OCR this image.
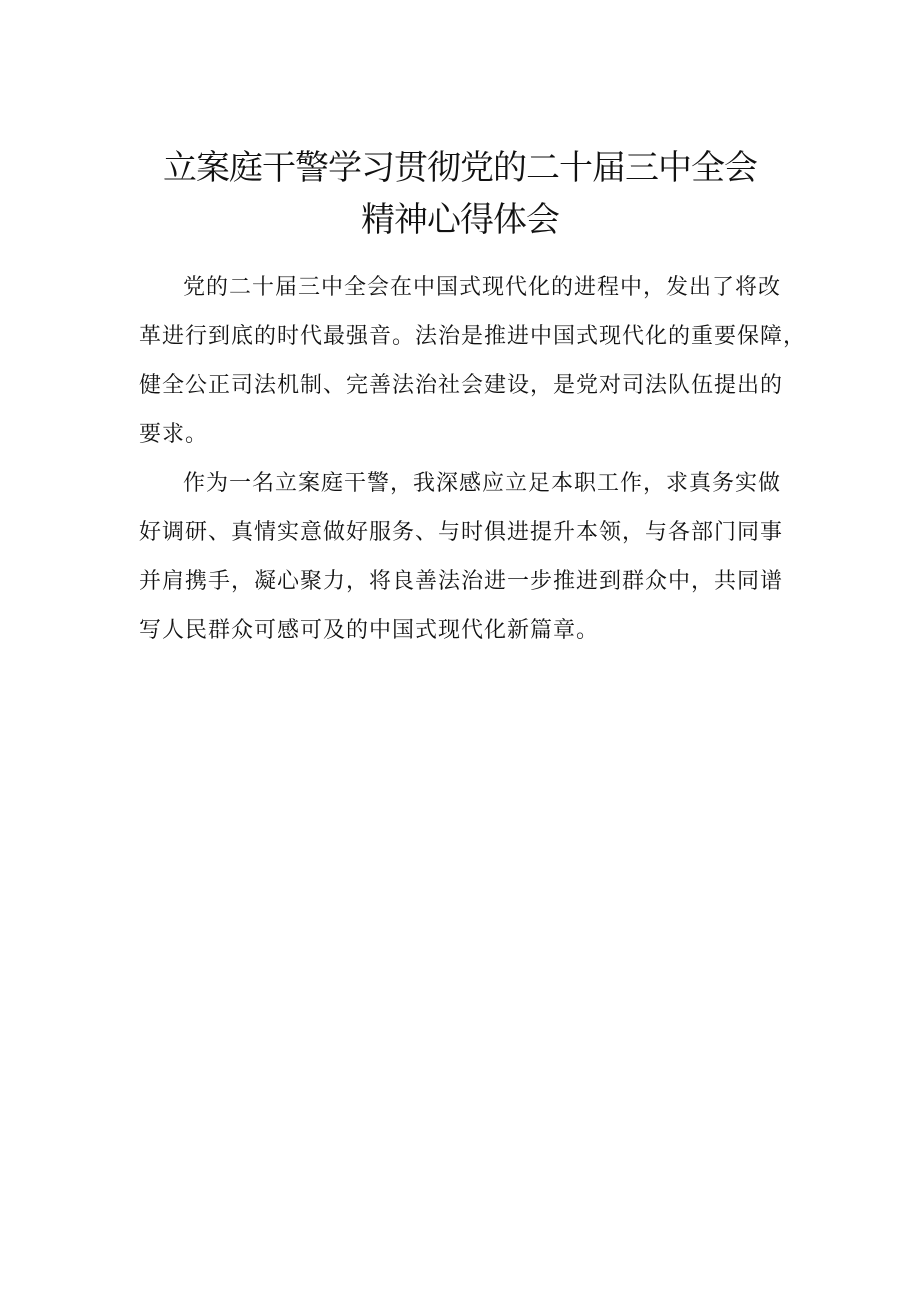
立案庭干警学习贯彻党的二十届三中全会
精神心得体会
党的二十届三中全会在中国式现代化的进程中，发出了将改
革进行到底的时代最强音。法治是推进中国式现代化的重要保障，
健全公正司法机制、完善法治社会建设，是党对司法队伍提出的
要求。
作为一名立案庭干警，我深感应立足本职工作，求真务实做
好调研、真情实意做好服务、与时俱进提升本领，与各部门同事
并肩携手，凝心聚力，将良善法治进一步推进到群众中，共同谱
写人民群众可感可及的中国式现代化新篇章。
